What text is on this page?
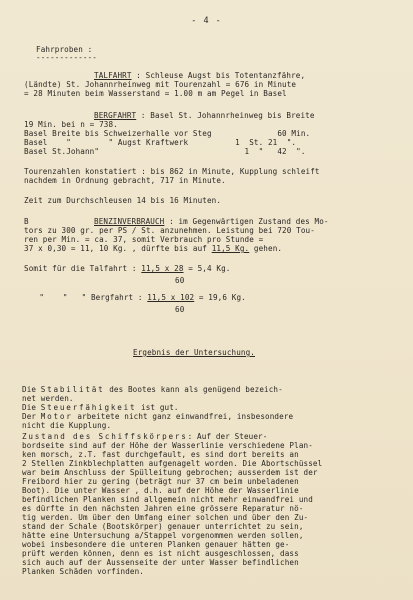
- 4 -
Fahrproben :
-------------
TALFAHRT : Schleuse Augst bis Totentanzfähre,
(Ländte) St. Johannrheinweg mit Tourenzahl = 676 in Minute
= 28 Minuten beim Wasserstand = 1.00 m am Pegel in Basel
BERGFAHRT : Basel St. Johannrheinweg bis Breite
19 Min. bei n = 738.
Basel Breite bis Schweizerhalle vor Steg              60 Min.
Basel    "        " Augst Kraftwerk          1  St. 21  ".
Basel St.Johann"                               1  "   42  ".
Tourenzahlen konstatiert : bis 862 in Minute, Kupplung schleift
nachdem in Ordnung gebracht, 717 in Minute.
Zeit zum Durchschleusen 14 bis 16 Minuten.
B	BENZINVERBRAUCH : im Gegenwärtigen Zustand des Mo-
tors zu 300 gr. per PS / St. anzunehmen. Leistung bei 720 Tou-
ren per Min. = ca. 37, somit Verbrauch pro Stunde =
37 x 0,30 = 11, 10 Kg. , dürfte bis auf 11,5 Kg. gehen.
Somit für die Talfahrt : 11,5 x 28 = 5,4 Kg.
60
"    "   " Bergfahrt : 11,5 x 102 = 19,6 Kg.
60
Ergebnis der Untersuchung.
Die Stabilität des Bootes kann als genügend bezeich-
net werden.
Die Steuerfähigkeit ist gut.
Der Motor arbeitete nicht ganz einwandfrei, insbesondere
nicht die Kupplung.
Zustand des Schiffskörpers: Auf der Steuer-
bordseite sind auf der Höhe der Wasserlinie verschiedene Plan-
ken morsch, z.T. fast durchgefault, es sind dort bereits an
2 Stellen Zinkblechplatten aufgenagelt worden. Die Abortschüssel
war beim Anschluss der Spülleitung gebrochen; ausserdem ist der
Freibord hier zu gering (beträgt nur 37 cm beim unbeladenen
Boot). Die unter Wasser , d.h. auf der Höhe der Wasserlinie
befindlichen Planken sind allgemein nicht mehr einwandfrei und
es dürfte in den nächsten Jahren eine grössere Reparatur nö-
tig werden. Um über den Umfang einer solchen und über den Zu-
stand der Schale (Bootskörper) genauer unterrichtet zu sein,
hätte eine Untersuchung a/Stappel vorgenommen werden sollen,
wobei insbesondere die unteren Planken genauer hätten ge-
prüft werden können, denn es ist nicht ausgeschlossen, dass
sich auch auf der Aussenseite der unter Wasser befindlichen
Planken Schäden vorfinden.
